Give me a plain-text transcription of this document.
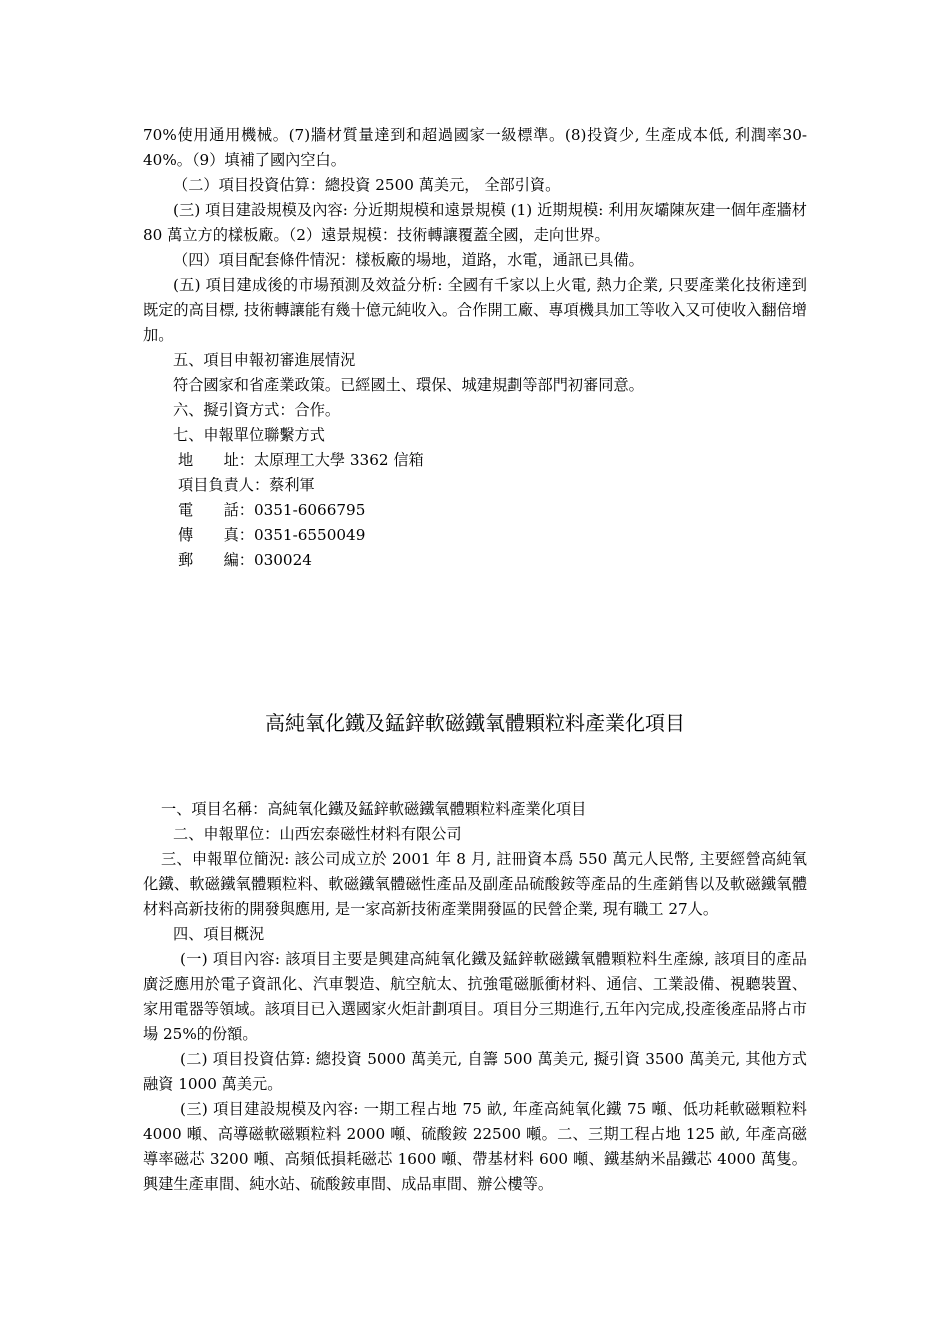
70%使用通用機械。(7)牆材質量達到和超過國家一級標準。(8)投資少, 生產成本低, 利潤率30-40%。（9）填補了國內空白。

（二）項目投資估算：總投資 2500 萬美元， 全部引資。

(三) 項目建設規模及內容: 分近期規模和遠景規模 (1) 近期規模: 利用灰壩陳灰建一個年產牆材 80 萬立方的樣板廠。（2）遠景規模：技術轉讓覆蓋全國，走向世界。

（四）項目配套條件情況：樣板廠的場地，道路，水電，通訊已具備。

(五) 項目建成後的市場預測及效益分析: 全國有千家以上火電, 熱力企業, 只要產業化技術達到既定的高目標, 技術轉讓能有幾十億元純收入。合作開工廠、專項機具加工等收入又可使收入翻倍增加。

五、項目申報初審進展情況

符合國家和省產業政策。已經國土、環保、城建規劃等部門初審同意。

六、擬引資方式：合作。

七、申報單位聯繫方式

地　　址：太原理工大學 3362 信箱
項目負責人：蔡利軍
電　　話：0351-6066795
傳　　真：0351-6550049
郵　　編：030024
高純氧化鐵及錳鋅軟磁鐵氧體顆粒料產業化項目

一、項目名稱：高純氧化鐵及錳鋅軟磁鐵氧體顆粒料產業化項目

二、申報單位：山西宏泰磁性材料有限公司

三、申報單位簡況: 該公司成立於 2001 年 8 月, 註冊資本爲 550 萬元人民幣, 主要經營高純氧化鐵、軟磁鐵氧體顆粒料、軟磁鐵氧體磁性產品及副產品硫酸銨等產品的生產銷售以及軟磁鐵氧體材料高新技術的開發與應用, 是一家高新技術產業開發區的民營企業, 現有職工 27人。

四、項目概況

(一) 項目內容: 該項目主要是興建高純氧化鐵及錳鋅軟磁鐵氧體顆粒料生產線, 該項目的產品廣泛應用於電子資訊化、汽車製造、航空航太、抗強電磁脈衝材料、通信、工業設備、視聽裝置、家用電器等領域。該項目已入選國家火炬計劃項目。項目分三期進行,五年內完成,投產後產品將占市場 25%的份額。

(二) 項目投資估算: 總投資 5000 萬美元, 自籌 500 萬美元, 擬引資 3500 萬美元, 其他方式融資 1000 萬美元。

(三) 項目建設規模及內容: 一期工程占地 75 畝, 年產高純氧化鐵 75 噸、低功耗軟磁顆粒料 4000 噸、高導磁軟磁顆粒料 2000 噸、硫酸銨 22500 噸。二、三期工程占地 125 畝, 年產高磁導率磁芯 3200 噸、高頻低損耗磁芯 1600 噸、帶基材料 600 噸、鐵基納米晶鐵芯 4000 萬隻。興建生產車間、純水站、硫酸銨車間、成品車間、辦公樓等。
